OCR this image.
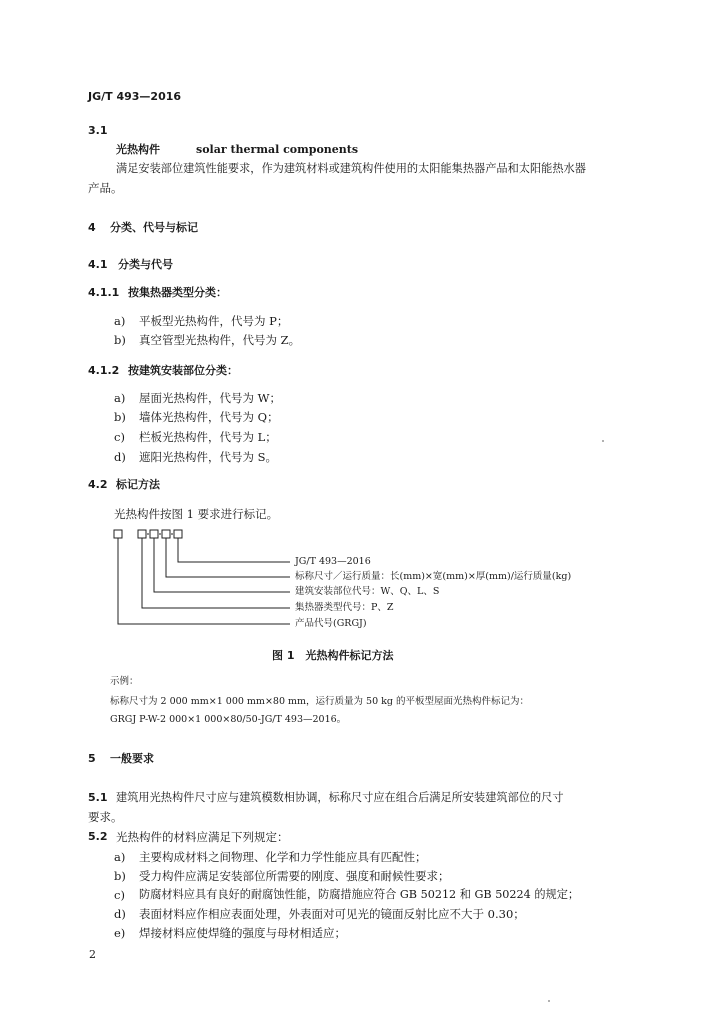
JG/T 493—2016
3.1
光热构件	solar thermal components
满足安装部位建筑性能要求，作为建筑材料或建筑构件使用的太阳能集热器产品和太阳能热水器
产品。
4 分类、代号与标记
4.1 分类与代号
4.1.1 按集热器类型分类：
a) 平板型光热构件，代号为 P；
b) 真空管型光热构件，代号为 Z。
4.1.2 按建筑安装部位分类：
a) 屋面光热构件，代号为 W；
b) 墙体光热构件，代号为 Q；
c) 栏板光热构件，代号为 L；
d) 遮阳光热构件，代号为 S。
4.2 标记方法
光热构件按图 1 要求进行标记。
JG/T 493—2016
标称尺寸／运行质量：长(mm)×宽(mm)×厚(mm)/运行质量(kg)
建筑安装部位代号：W、Q、L、S
集热器类型代号：P、Z
产品代号(GRGJ)
图 1　光热构件标记方法
示例：
标称尺寸为 2 000 mm×1 000 mm×80 mm，运行质量为 50 kg 的平板型屋面光热构件标记为：
GRGJ P-W-2 000×1 000×80/50-JG/T 493—2016。
5 一般要求
5.1 建筑用光热构件尺寸应与建筑模数相协调，标称尺寸应在组合后满足所安装建筑部位的尺寸
要求。
5.2 光热构件的材料应满足下列规定：
a) 主要构成材料之间物理、化学和力学性能应具有匹配性；
b) 受力构件应满足安装部位所需要的刚度、强度和耐候性要求；
c) 防腐材料应具有良好的耐腐蚀性能，防腐措施应符合 GB 50212 和 GB 50224 的规定；
d) 表面材料应作相应表面处理，外表面对可见光的镜面反射比应不大于 0.30；
e) 焊接材料应使焊缝的强度与母材相适应；
2
